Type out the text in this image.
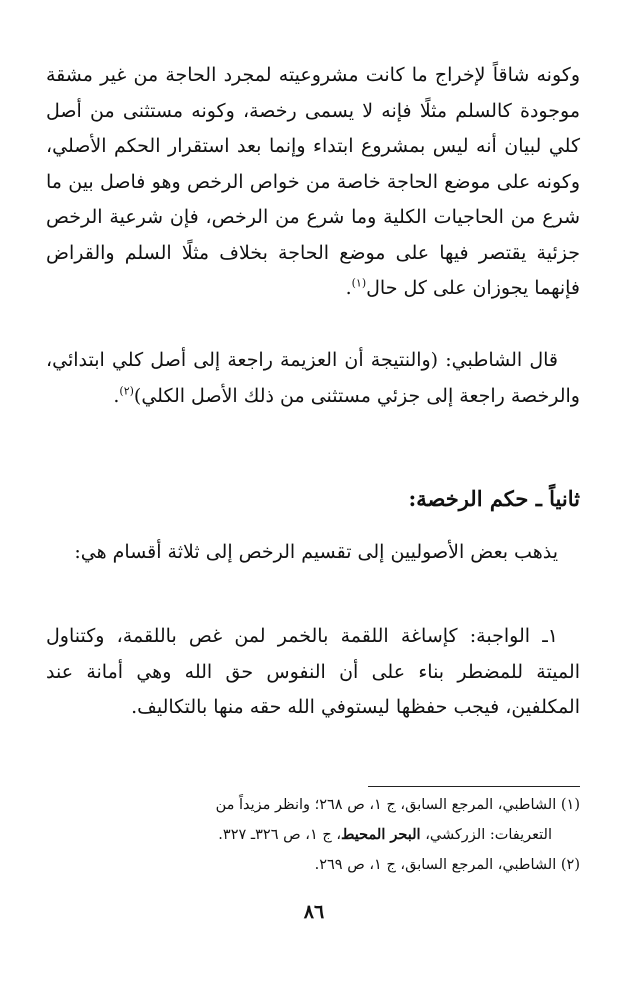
وكونه شاقاً لإخراج ما كانت مشروعيته لمجرد الحاجة من غير مشقة موجودة كالسلم مثلًا فإنه لا يسمى رخصة، وكونه مستثنى من أصل كلي لبيان أنه ليس بمشروع ابتداء وإنما بعد استقرار الحكم الأصلي، وكونه على موضع الحاجة خاصة من خواص الرخص وهو فاصل بين ما شرع من الحاجيات الكلية وما شرع من الرخص، فإن شرعية الرخص جزئية يقتصر فيها على موضع الحاجة بخلاف مثلًا السلم والقراض فإنهما يجوزان على كل حال$^{(١)}$.

قال الشاطبي: (والنتيجة أن العزيمة راجعة إلى أصل كلي ابتدائي، والرخصة راجعة إلى جزئي مستثنى من ذلك الأصل الكلي)$^{(٢)}$.

ثانياً ـ حكم الرخصة:

يذهب بعض الأصوليين إلى تقسيم الرخص إلى ثلاثة أقسام هي:

١ـ الواجبة: كإساغة اللقمة بالخمر لمن غص باللقمة، وكتناول الميتة للمضطر بناء على أن النفوس حق الله وهي أمانة عند المكلفين، فيجب حفظها ليستوفي الله حقه منها بالتكاليف.

(١) الشاطبي، المرجع السابق، ج ١، ص ٢٦٨؛ وانظر مزيداً من

التعريفات: الزركشي، البحر المحيط، ج ١، ص ٣٢٦ـ ٣٢٧.

(٢) الشاطبي، المرجع السابق، ج ١، ص ٢٦٩.

٨٦
